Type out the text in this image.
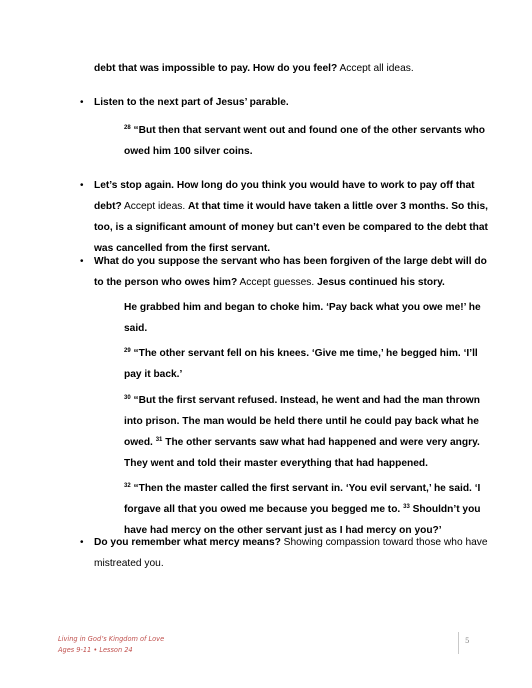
debt that was impossible to pay. How do you feel? Accept all ideas.

• Listen to the next part of Jesus’ parable.

$^{28}$ “But then that servant went out and found one of the other servants who

owed him 100 silver coins.

• Let’s stop again. How long do you think you would have to work to pay off that

debt? Accept ideas. At that time it would have taken a little over 3 months. So this,

too, is a significant amount of money but can’t even be compared to the debt that

was cancelled from the first servant.

• What do you suppose the servant who has been forgiven of the large debt will do

to the person who owes him? Accept guesses. Jesus continued his story.

He grabbed him and began to choke him. ‘Pay back what you owe me!’ he

said.

$^{29}$ “The other servant fell on his knees. ‘Give me time,’ he begged him. ‘I’ll

pay it back.’

$^{30}$ “But the first servant refused. Instead, he went and had the man thrown

into prison. The man would be held there until he could pay back what he

owed. $^{31}$ The other servants saw what had happened and were very angry.

They went and told their master everything that had happened.

$^{32}$ “Then the master called the first servant in. ‘You evil servant,’ he said. ‘I

forgave all that you owed me because you begged me to. $^{33}$ Shouldn’t you

have had mercy on the other servant just as I had mercy on you?’

• Do you remember what mercy means? Showing compassion toward those who have

mistreated you.

Living in God’s Kingdom of Love
Ages 9-11 • Lesson 24
5
